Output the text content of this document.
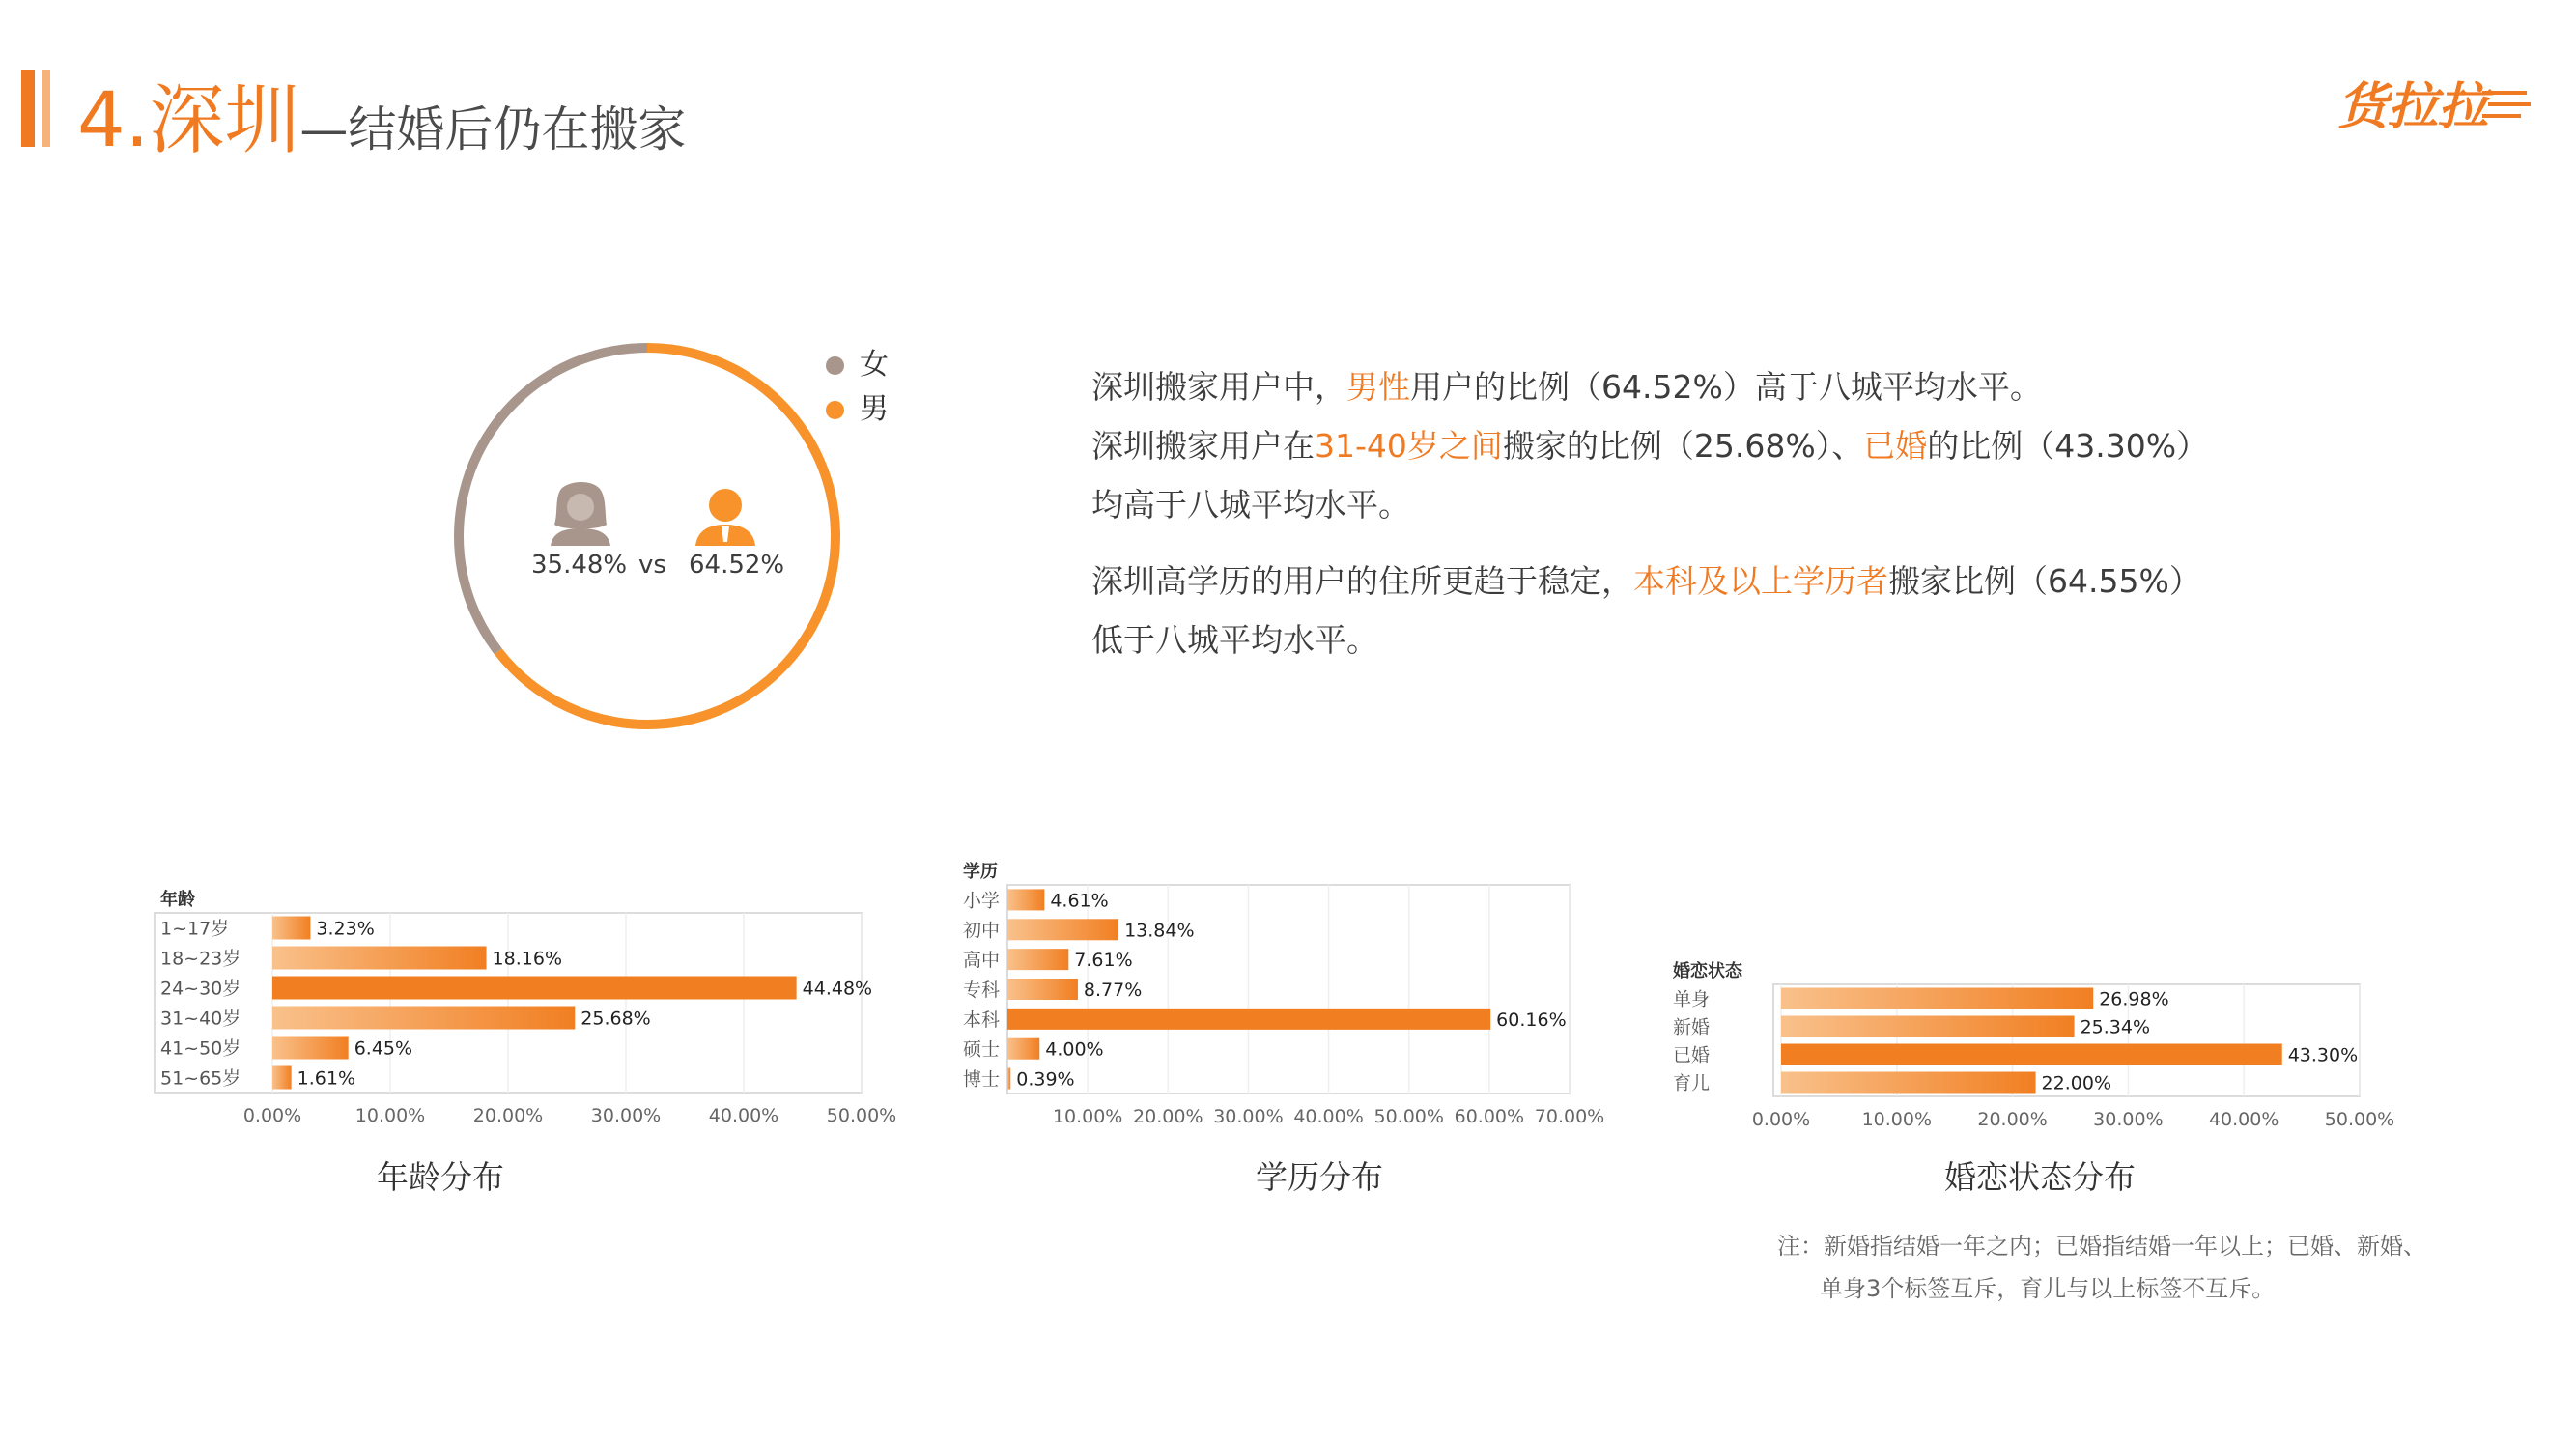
4.深圳—结婚后仍在搬家	货拉拉
35.48% vs 64.52%
女
男

深圳搬家用户中，男性用户的比例（64.52%）高于八城平均水平。

深圳搬家用户在31-40岁之间搬家的比例（25.68%）、已婚的比例（43.30%）

均高于八城平均水平。

深圳高学历的用户的住所更趋于稳定，本科及以上学历者搬家比例（64.55%）

低于八城平均水平。

0.00%	10.00%	20.00%	30.00%	40.00%	50.00%
年龄
1~17岁	3.23%
18~23岁	18.16%
24~30岁	44.48%
31~40岁	25.68%
41~50岁	6.45%
51~65岁	1.61%
10.00% 20.00% 30.00% 40.00% 50.00% 60.00% 70.00%
学历
小学	4.61%
初中	13.84%
高中	7.61%
专科	8.77%
本科	60.16%
硕士 4.00%
博士 0.39%
0.00%	10.00% 20.00% 30.00% 40.00% 50.00%
婚恋状态
单身	26.98%
新婚	25.34%
已婚	43.30%
育儿	22.00%
年龄分布	学历分布	婚恋状态分布
注：新婚指结婚一年之内；已婚指结婚一年以上；已婚、新婚、
单身3个标签互斥，育儿与以上标签不互斥。
